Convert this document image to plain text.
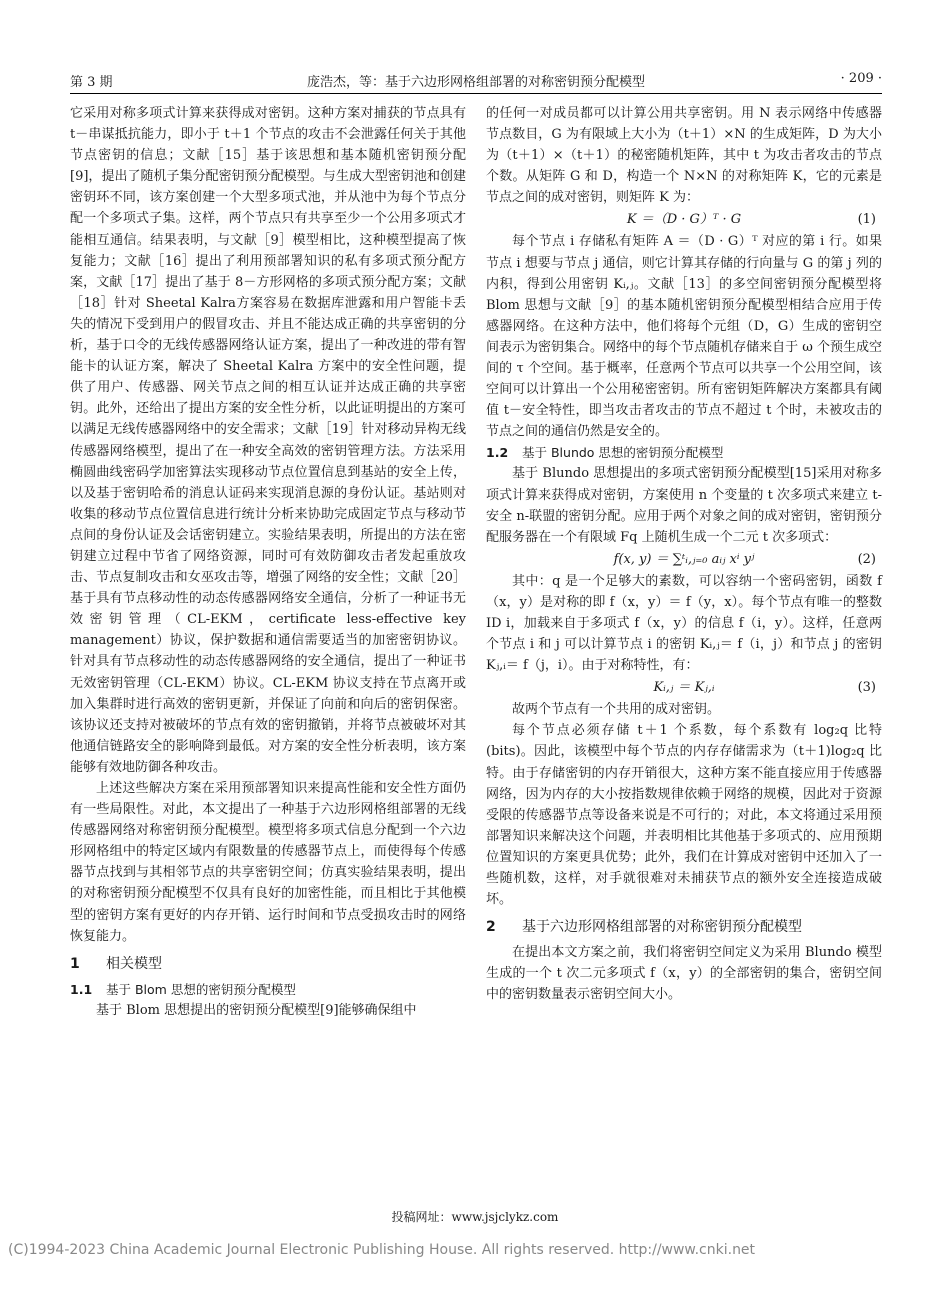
第 3 期	庞浩杰，等：基于六边形网格组部署的对称密钥预分配模型	· 209 ·

它采用对称多项式计算来获得成对密钥。这种方案对捕获的节点具有 t－串谋抵抗能力，即小于 t＋1 个节点的攻击不会泄露任何关于其他节点密钥的信息；文献［15］基于该思想和基本随机密钥预分配[9]，提出了随机子集分配密钥预分配模型。与生成大型密钥池和创建密钥环不同，该方案创建一个大型多项式池，并从池中为每个节点分配一个多项式子集。这样，两个节点只有共享至少一个公用多项式才能相互通信。结果表明，与文献［9］模型相比，这种模型提高了恢复能力；文献［16］提出了利用预部署知识的私有多项式预分配方案，文献［17］提出了基于 8－方形网格的多项式预分配方案；文献［18］针对 Sheetal Kalra方案容易在数据库泄露和用户智能卡丢失的情况下受到用户的假冒攻击、并且不能达成正确的共享密钥的分析，基于口令的无线传感器网络认证方案，提出了一种改进的带有智能卡的认证方案，解决了 Sheetal Kalra 方案中的安全性问题，提供了用户、传感器、网关节点之间的相互认证并达成正确的共享密钥。此外，还给出了提出方案的安全性分析，以此证明提出的方案可以满足无线传感器网络中的安全需求；文献［19］针对移动异构无线传感器网络模型，提出了在一种安全高效的密钥管理方法。方法采用椭圆曲线密码学加密算法实现移动节点位置信息到基站的安全上传，以及基于密钥哈希的消息认证码来实现消息源的身份认证。基站则对收集的移动节点位置信息进行统计分析来协助完成固定节点与移动节点间的身份认证及会话密钥建立。实验结果表明，所提出的方法在密钥建立过程中节省了网络资源，同时可有效防御攻击者发起重放攻击、节点复制攻击和女巫攻击等，增强了网络的安全性；文献［20］基于具有节点移动性的动态传感器网络安全通信，分析了一种证书无效密钥管理（CL-EKM，certificate less-effective key management）协议，保护数据和通信需要适当的加密密钥协议。针对具有节点移动性的动态传感器网络的安全通信，提出了一种证书无效密钥管理（CL-EKM）协议。CL-EKM 协议支持在节点离开或加入集群时进行高效的密钥更新，并保证了向前和向后的密钥保密。该协议还支持对被破坏的节点有效的密钥撤销，并将节点被破坏对其他通信链路安全的影响降到最低。对方案的安全性分析表明，该方案能够有效地防御各种攻击。

上述这些解决方案在采用预部署知识来提高性能和安全性方面仍有一些局限性。对此，本文提出了一种基于六边形网格组部署的无线传感器网络对称密钥预分配模型。模型将多项式信息分配到一个六边形网格组中的特定区域内有限数量的传感器节点上，而使得每个传感器节点找到与其相邻节点的共享密钥空间；仿真实验结果表明，提出的对称密钥预分配模型不仅具有良好的加密性能，而且相比于其他模型的密钥方案有更好的内存开销、运行时间和节点受损攻击时的网络恢复能力。

1 相关模型
1.1 基于 Blom 思想的密钥预分配模型

基于 Blom 思想提出的密钥预分配模型[9]能够确保组中

的任何一对成员都可以计算公用共享密钥。用 N 表示网络中传感器节点数目，G 为有限域上大小为（t＋1）×N 的生成矩阵，D 为大小为（t＋1）×（t＋1）的秘密随机矩阵，其中 t 为攻击者攻击的节点个数。从矩阵 G 和 D，构造一个 N×N 的对称矩阵 K，它的元素是节点之间的成对密钥，则矩阵 K 为：

K ＝（D · G）ᵀ · G	(1)

每个节点 i 存储私有矩阵 A ＝（D · G）ᵀ 对应的第 i 行。如果节点 i 想要与节点 j 通信，则它计算其存储的行向量与 G 的第 j 列的内积，得到公用密钥 Kᵢ,ⱼ。文献［13］的多空间密钥预分配模型将 Blom 思想与文献［9］的基本随机密钥预分配模型相结合应用于传感器网络。在这种方法中，他们将每个元组（D，G）生成的密钥空间表示为密钥集合。网络中的每个节点随机存储来自于 ω 个预生成空间的 τ 个空间。基于概率，任意两个节点可以共享一个公用空间，该空间可以计算出一个公用秘密密钥。所有密钥矩阵解决方案都具有阈值 t－安全特性，即当攻击者攻击的节点不超过 t 个时，未被攻击的节点之间的通信仍然是安全的。

1.2 基于 Blundo 思想的密钥预分配模型

基于 Blundo 思想提出的多项式密钥预分配模型[15]采用对称多项式计算来获得成对密钥，方案使用 n 个变量的 t 次多项式来建立 t-安全 n-联盟的密钥分配。应用于两个对象之间的成对密钥，密钥预分配服务器在一个有限域 Fq 上随机生成一个二元 t 次多项式：

f(x, y) ＝ ∑ᵗᵢ,ⱼ₌₀ aᵢⱼ xⁱ yʲ	(2)

其中：q 是一个足够大的素数，可以容纳一个密码密钥，函数 f（x，y）是对称的即 f（x，y）＝ f（y，x）。每个节点有唯一的整数 ID i，加载来自于多项式 f（x，y）的信息 f（i，y）。这样，任意两个节点 i 和 j 可以计算节点 i 的密钥 Kᵢ,ⱼ＝ f（i，j）和节点 j 的密钥 Kⱼ,ᵢ＝ f（j，i）。由于对称特性，有：

Kᵢ,ⱼ ＝ Kⱼ,ᵢ	(3)

故两个节点有一个共用的成对密钥。

每个节点必须存储 t＋1 个系数，每个系数有 log₂q 比特(bits)。因此，该模型中每个节点的内存存储需求为（t＋1)log₂q 比特。由于存储密钥的内存开销很大，这种方案不能直接应用于传感器网络，因为内存的大小按指数规律依赖于网络的规模，因此对于资源受限的传感器节点等设备来说是不可行的；对此，本文将通过采用预部署知识来解决这个问题，并表明相比其他基于多项式的、应用预期位置知识的方案更具优势；此外，我们在计算成对密钥中还加入了一些随机数，这样，对手就很难对未捕获节点的额外安全连接造成破坏。

2 基于六边形网格组部署的对称密钥预分配模型

在提出本文方案之前，我们将密钥空间定义为采用 Blundo 模型生成的一个 t 次二元多项式 f（x，y）的全部密钥的集合，密钥空间中的密钥数量表示密钥空间大小。

投稿网址：www.jsjclykz.com
(C)1994-2023 China Academic Journal Electronic Publishing House. All rights reserved. http://www.cnki.net
